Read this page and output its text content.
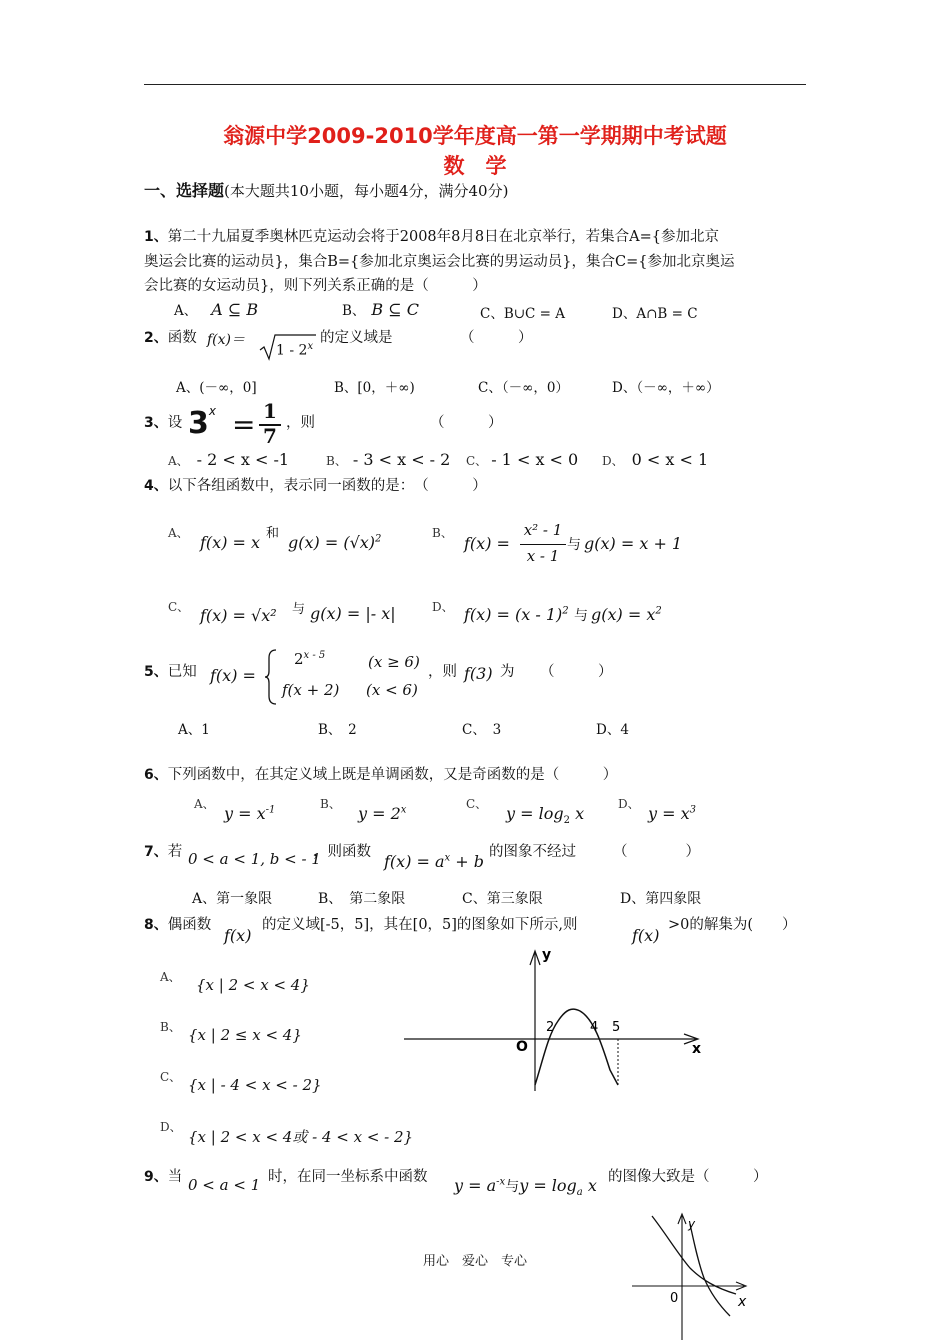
翁源中学2009-2010学年度高一第一学期期中考试题
数　学
一、选择题(本大题共10小题，每小题4分，满分40分)
1、第二十九届夏季奥林匹克运动会将于2008年8月8日在北京举行，若集合A={参加北京
奥运会比赛的运动员}，集合B={参加北京奥运会比赛的男运动员}，集合C={参加北京奥运
会比赛的女运动员}，则下列关系正确的是（　　　）
A、 A ⊆ B	B、 B ⊆ C	C、B∪C = A	D、A∩B = C
2、函数 f(x)＝
1 - 2$^x$
的定义域是	（　　　）
A、(－∞，0]	B、[0，＋∞)	C、（－∞，0）	D、（－∞，＋∞）
3、设 $3^x = 1$
7
，则	（　　　）
A、 - 2 < x < -1	B、 - 3 < x < - 2 C、 - 1 < x < 0 D、 0 < x < 1
4、以下各组函数中，表示同一函数的是：　（　　　）
A、 f(x) = x 和 $g(x) = (√x)^2$	B、
f(x) =
x² - 1
x - 1
与 g(x) = x + 1
C、 f(x) = √x² 与 g(x) = |- x|	D、 f(x) = (x - 1)$^2$ 与 $g(x) = x^2$
5、已知 f(x) =
$2^{x - 5}$	(x ≥ 6)
f(x + 2) (x < 6)
，则 f(3) 为 （　　　）
A、1	B、　2	C、　3	D、4
6、下列函数中，在其定义域上既是单调函数，又是奇函数的是（　　　）
A、 $y = x^{-1}$	B、 $y = 2^x$	C、 $y = \log_2 x$	D、 $y = x^3$
7、若 0 < a < 1, b < - 1
，则函数 $f(x) = a^x + b$ 的图象不经过	（　　　　）
A、第一象限	B、　第二象限	C、第三象限	D、第四象限
8、偶函数
f(x)
的定义域[-5，5]，其在[0，5]的图象如下所示,则
f(x)
>0的解集为(　　）
A、 {x | 2 < x < 4}
B、 {x | 2 ≤ x < 4}
C、 {x | - 4 < x < - 2}
D、
{x | 2 < x < 4或 - 4 < x < - 2}
y
x
O
2	4 5
9、当 0 < a < 1 时，在同一坐标系中函数 $y = a^{-x}$与$y = \log_a x$ 的图像大致是（　　　）
y
x
0
用心　爱心　专心
